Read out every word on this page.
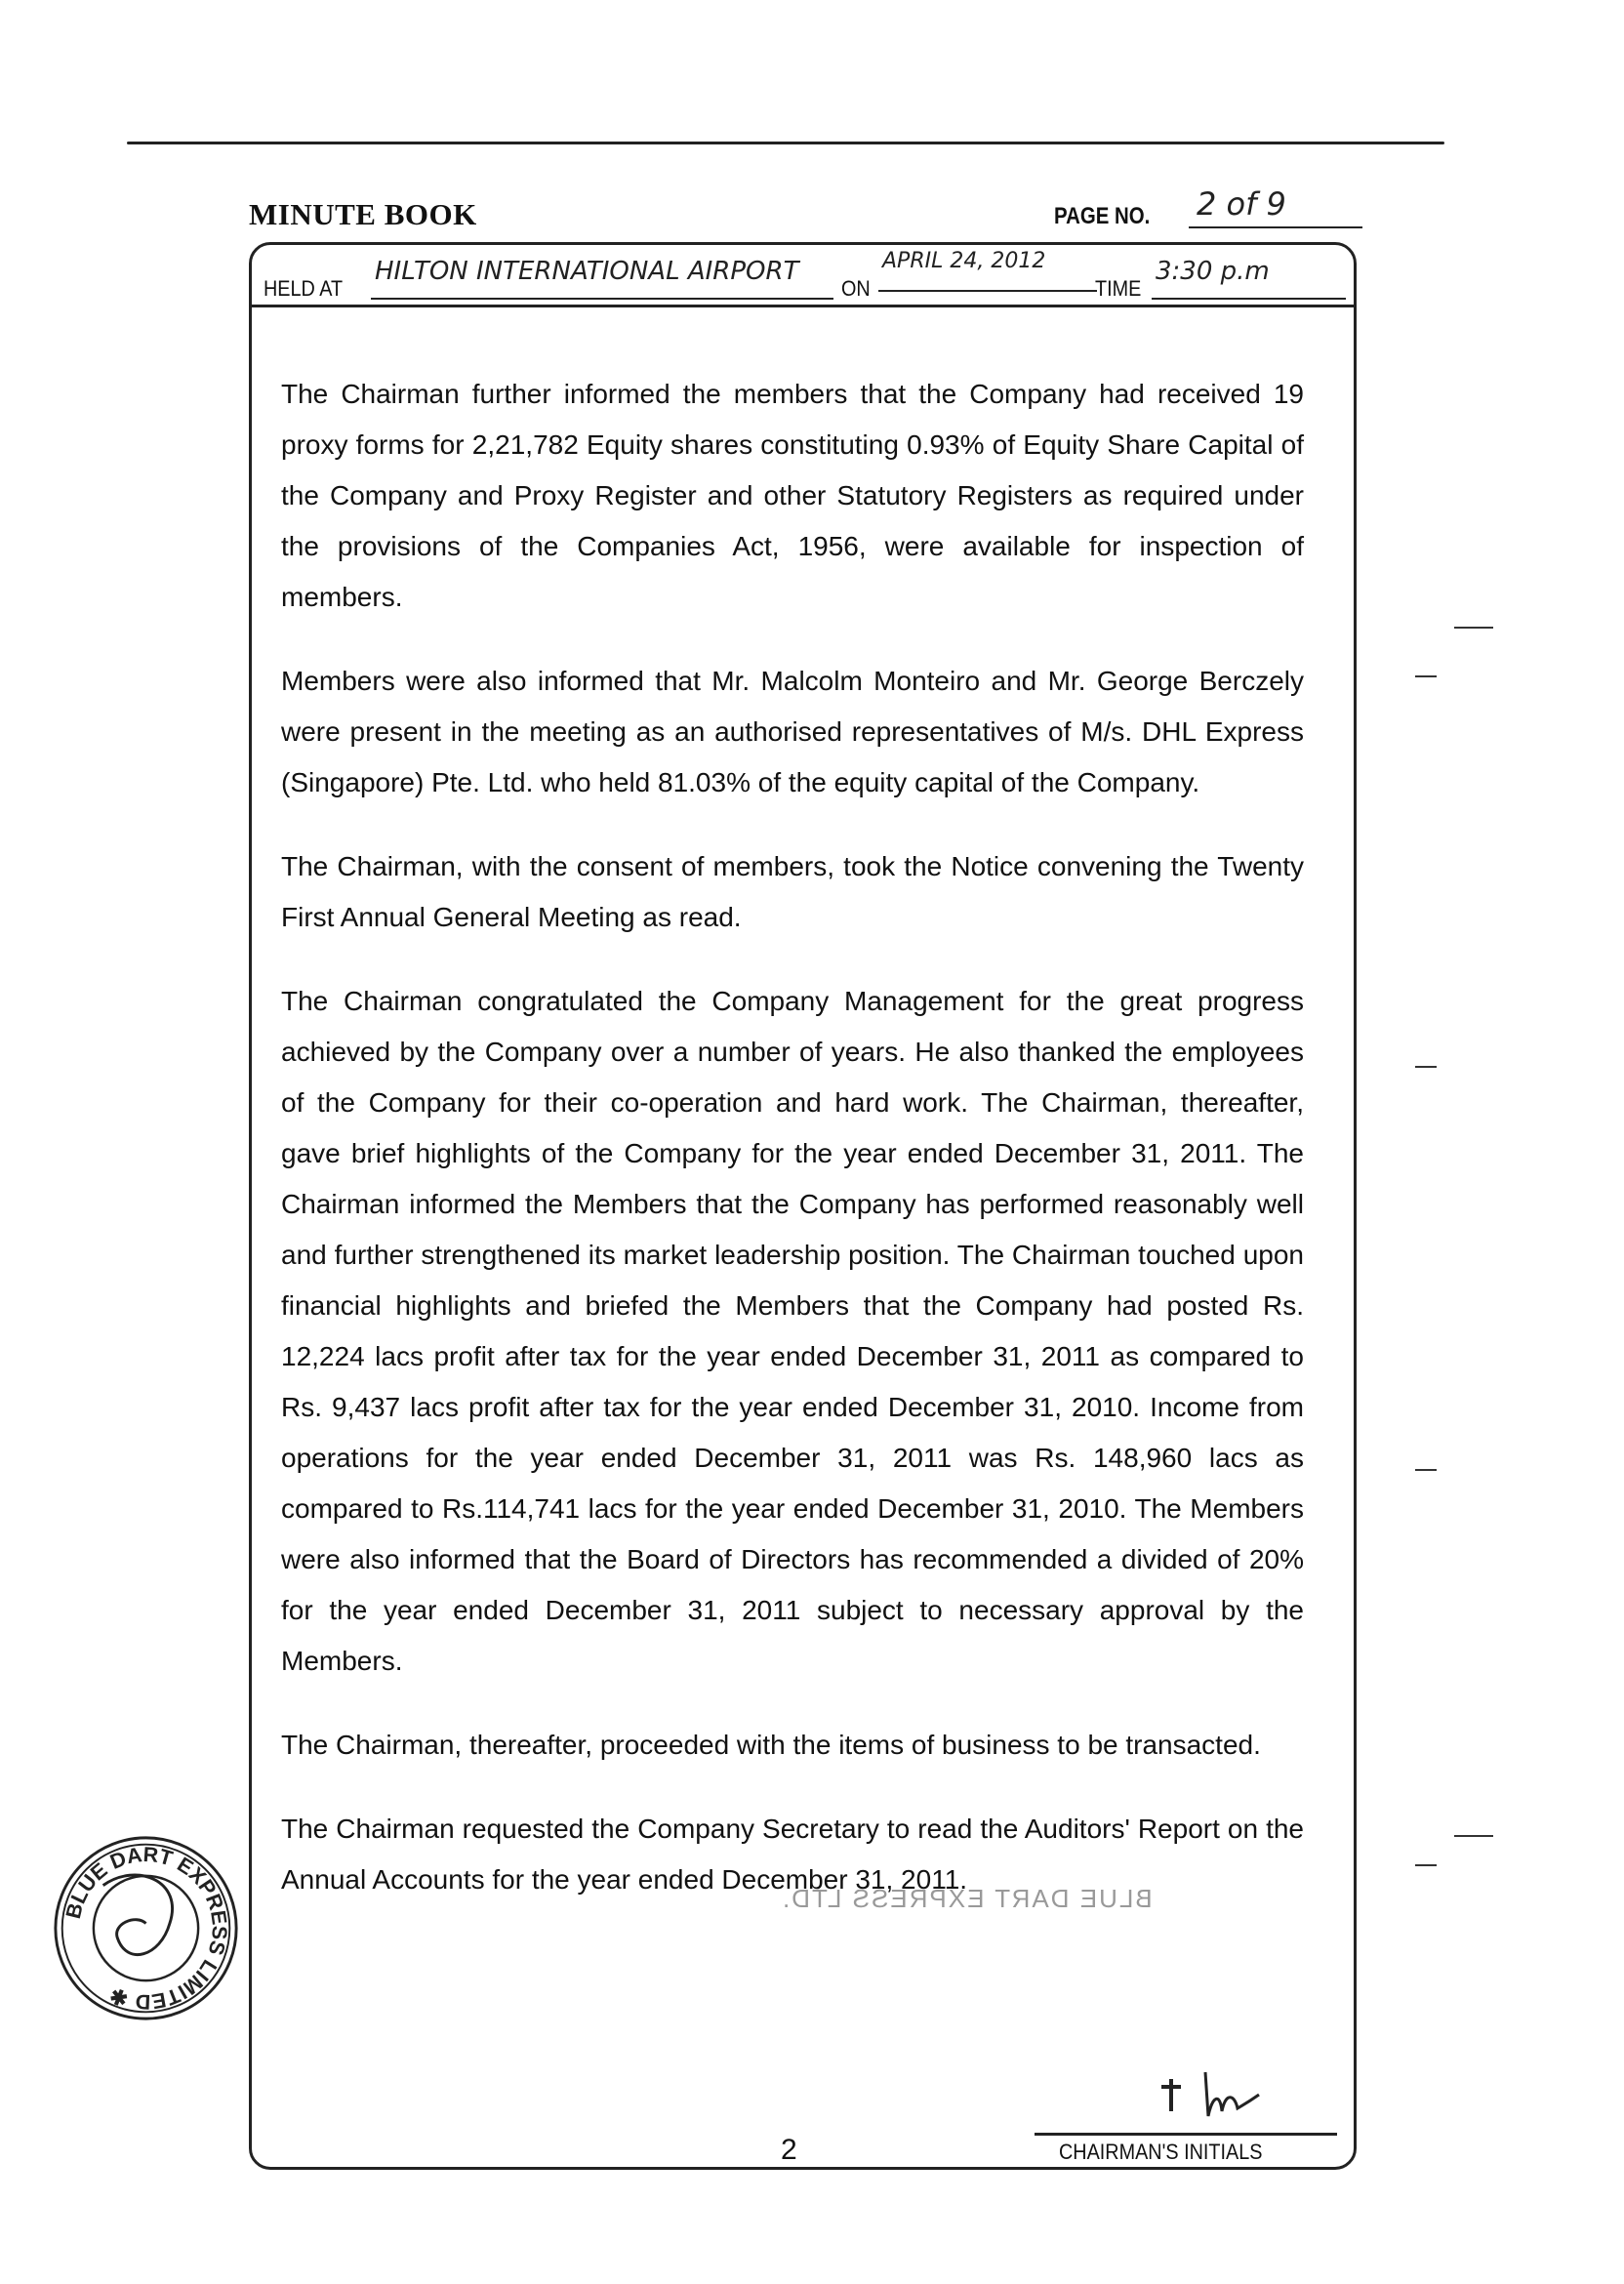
MINUTE BOOK	PAGE NO. 2 of 9
HELD AT
HILTON INTERNATIONAL AIRPORT
ON
APRIL 24, 2012
TIME
3:30 p.m

The Chairman further informed the members that the Company had received 19 proxy forms for 2,21,782 Equity shares constituting 0.93% of Equity Share Capital of the Company and Proxy Register and other Statutory Registers as required under the provisions of the Companies Act, 1956, were available for inspection of members.

Members were also informed that Mr. Malcolm Monteiro and Mr. George Berczely were present in the meeting as an authorised representatives of M/s. DHL Express (Singapore) Pte. Ltd. who held 81.03% of the equity capital of the Company.

The Chairman, with the consent of members, took the Notice convening the Twenty First Annual General Meeting as read.

The Chairman congratulated the Company Management for the great progress achieved by the Company over a number of years. He also thanked the employees of the Company for their co-operation and hard work. The Chairman, thereafter, gave brief highlights of the Company for the year ended December 31, 2011. The Chairman informed the Members that the Company has performed reasonably well and further strengthened its market leadership position. The Chairman touched upon financial highlights and briefed the Members that the Company had posted Rs. 12,224 lacs profit after tax for the year ended December 31, 2011 as compared to Rs. 9,437 lacs profit after tax for the year ended December 31, 2010. Income from operations for the year ended December 31, 2011 was Rs. 148,960 lacs as compared to Rs.114,741 lacs for the year ended December 31, 2010. The Members were also informed that the Board of Directors has recommended a divided of 20% for the year ended December 31, 2011 subject to necessary approval by the Members.

The Chairman, thereafter, proceeded with the items of business to be transacted.

The Chairman requested the Company Secretary to read the Auditors' Report on the Annual Accounts for the year ended December 31, 2011.

BLUE DART EXPRESS LIMITED ✱
BLUE DART EXPRESS LTD.
CHAIRMAN'S INITIALS
2
